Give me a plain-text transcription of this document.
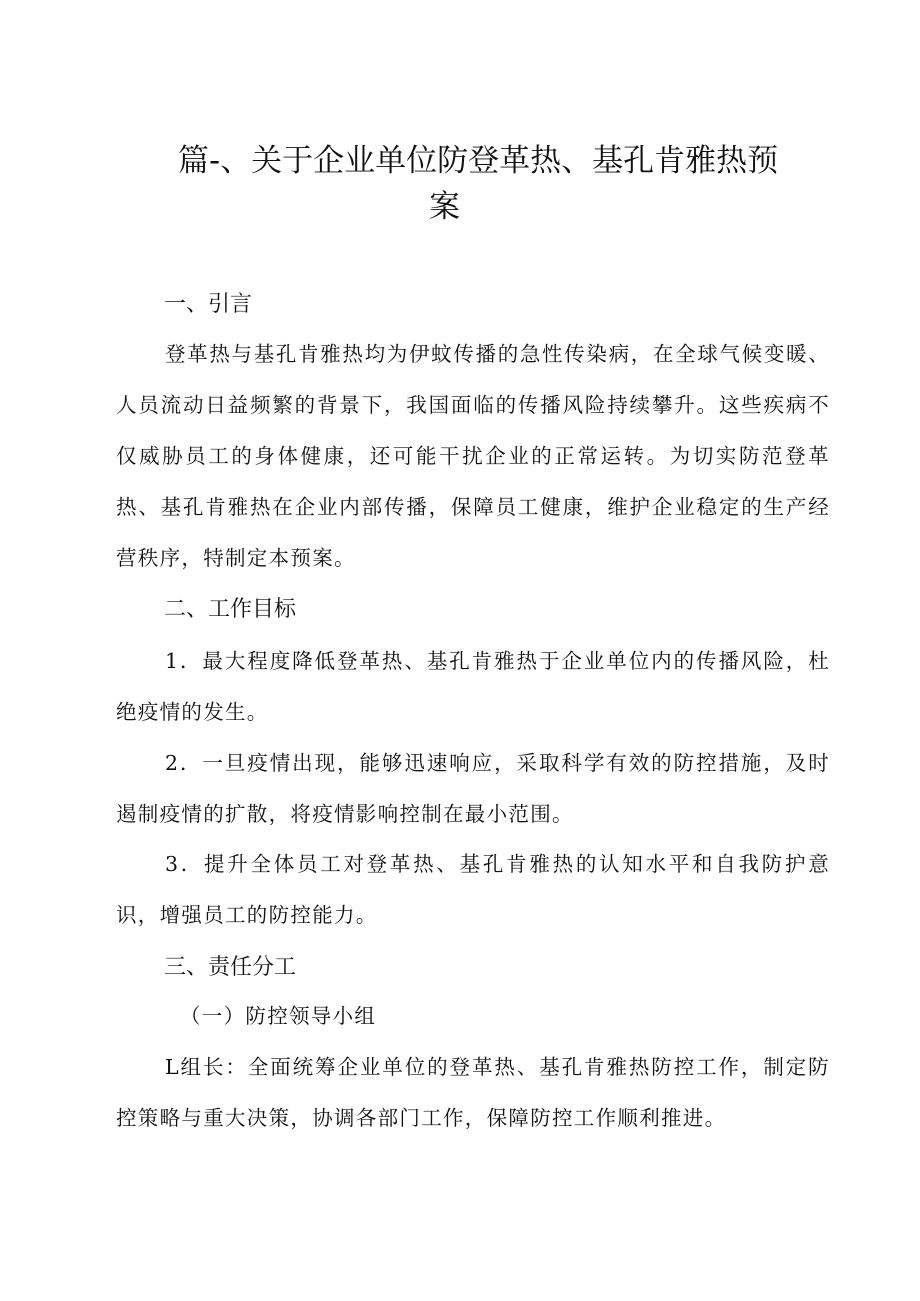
篇-、关于企业单位防登革热、基孔肯雅热预
案
一、引言

登革热与基孔肯雅热均为伊蚊传播的急性传染病，在全球气候变暖、人员流动日益频繁的背景下，我国面临的传播风险持续攀升。这些疾病不仅威胁员工的身体健康，还可能干扰企业的正常运转。为切实防范登革热、基孔肯雅热在企业内部传播，保障员工健康，维护企业稳定的生产经营秩序，特制定本预案。

二、工作目标

1．最大程度降低登革热、基孔肯雅热于企业单位内的传播风险，杜绝疫情的发生。

2．一旦疫情出现，能够迅速响应，采取科学有效的防控措施，及时遏制疫情的扩散，将疫情影响控制在最小范围。

3．提升全体员工对登革热、基孔肯雅热的认知水平和自我防护意识，增强员工的防控能力。

三、责任分工

（一）防控领导小组

L组长：全面统筹企业单位的登革热、基孔肯雅热防控工作，制定防控策略与重大决策，协调各部门工作，保障防控工作顺利推进。
